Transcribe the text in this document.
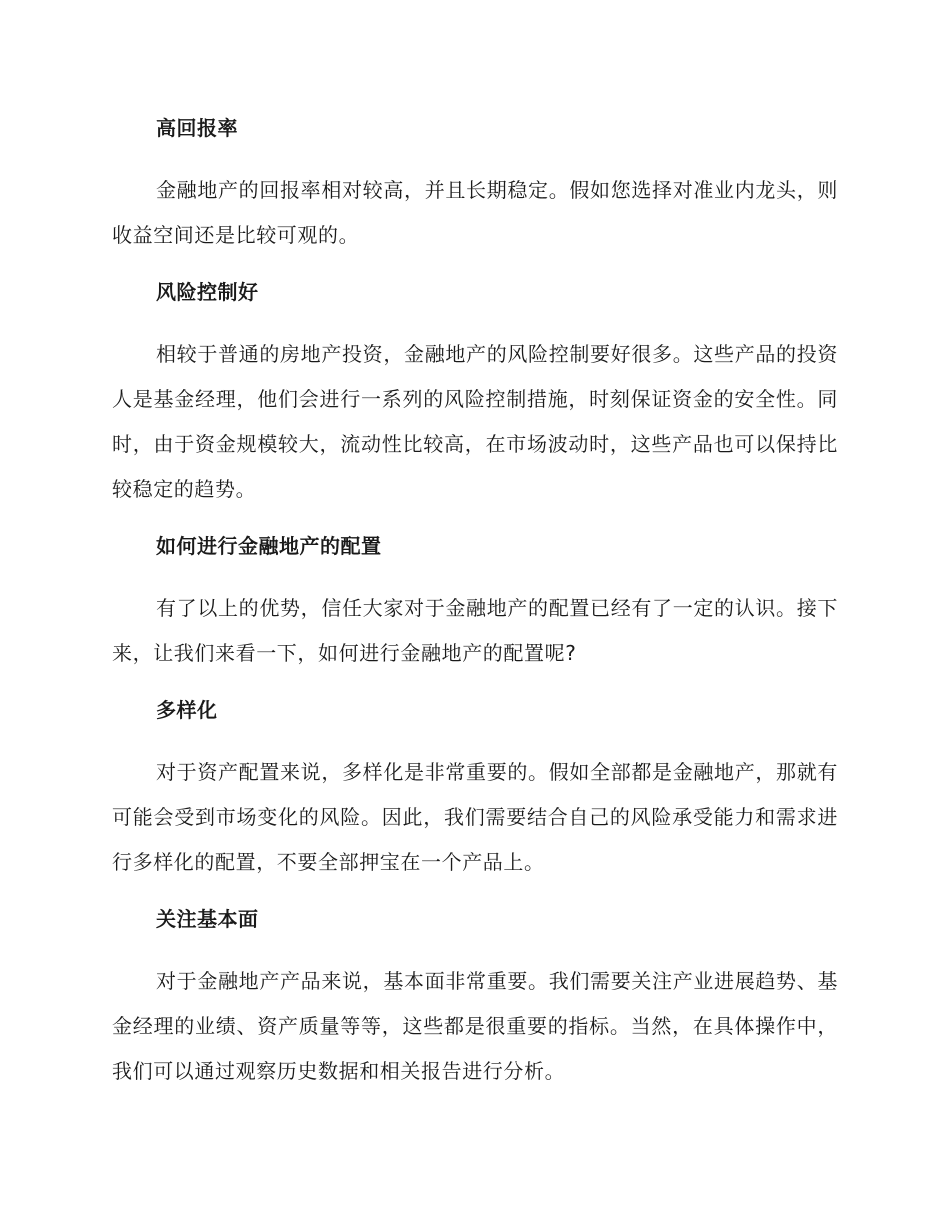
高回报率

金融地产的回报率相对较高，并且长期稳定。假如您选择对准业内龙头，则收益空间还是比较可观的。

风险控制好

相较于普通的房地产投资，金融地产的风险控制要好很多。这些产品的投资人是基金经理，他们会进行一系列的风险控制措施，时刻保证资金的安全性。同时，由于资金规模较大，流动性比较高，在市场波动时，这些产品也可以保持比较稳定的趋势。

如何进行金融地产的配置

有了以上的优势，信任大家对于金融地产的配置已经有了一定的认识。接下来，让我们来看一下，如何进行金融地产的配置呢?

多样化

对于资产配置来说，多样化是非常重要的。假如全部都是金融地产，那就有可能会受到市场变化的风险。因此，我们需要结合自己的风险承受能力和需求进行多样化的配置，不要全部押宝在一个产品上。

关注基本面

对于金融地产产品来说，基本面非常重要。我们需要关注产业进展趋势、基金经理的业绩、资产质量等等，这些都是很重要的指标。当然，在具体操作中，我们可以通过观察历史数据和相关报告进行分析。
